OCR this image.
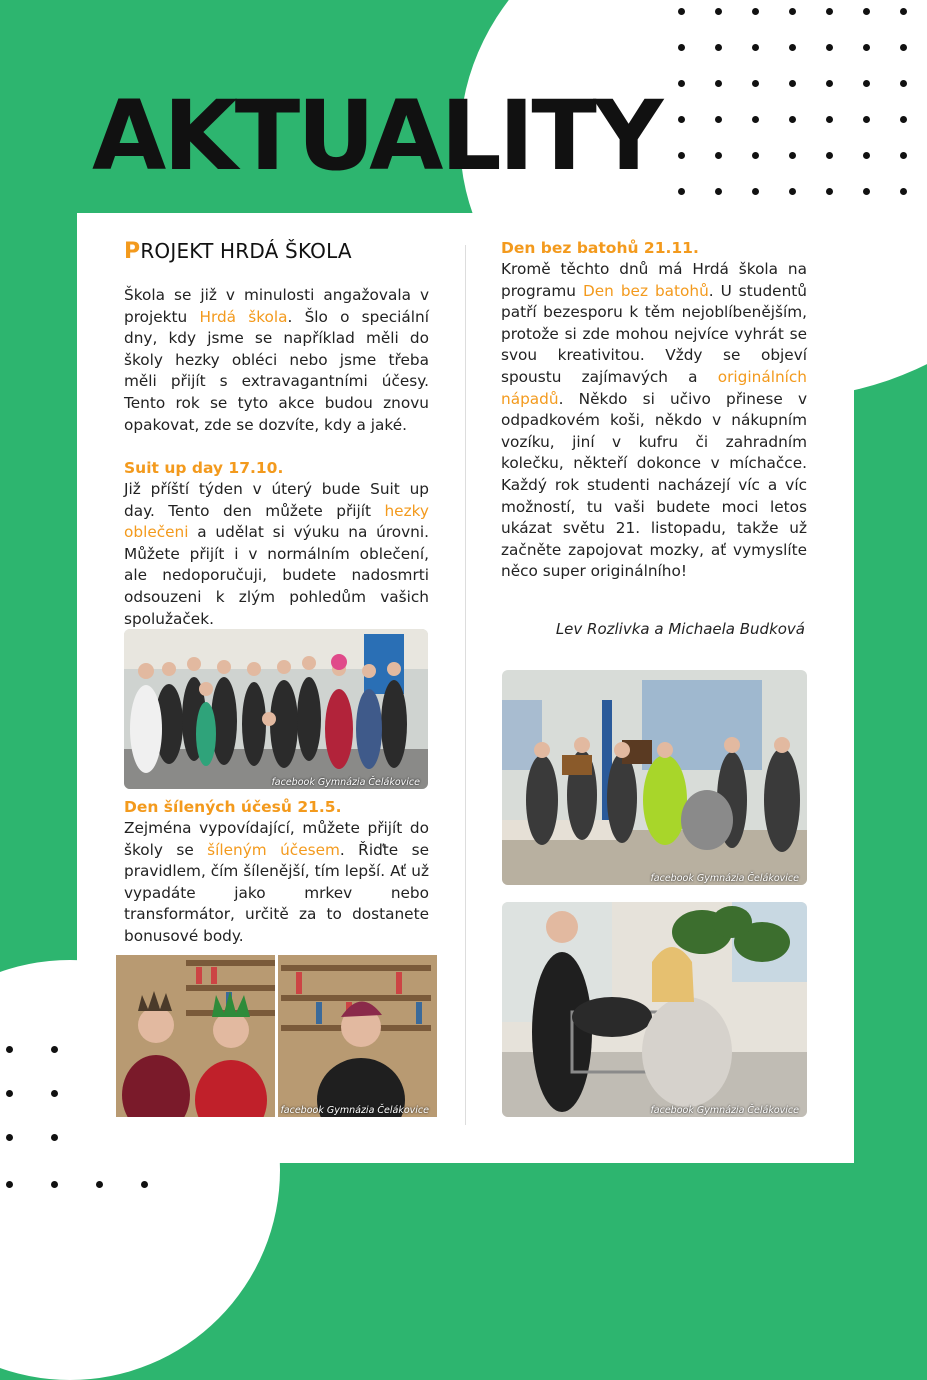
AKTUALITY
PROJEKT HRDÁ ŠKOLA

Škola se již v minulosti angažovala v projektu Hrdá škola. Šlo o speciální dny, kdy jsme se například měli do školy hezky obléci nebo jsme třeba měli přijít s extravagantními účesy. Tento rok se tyto akce budou znovu opakovat, zde se dozvíte, kdy a jaké.

Suit up day 17.10.

Již příští týden v úterý bude Suit up day. Tento den můžete přijít hezky oblečeni a udělat si výuku na úrovni. Můžete přijít i v normálním oblečení, ale nedoporučuji, budete nadosmrti odsouzeni k zlým pohledům vašich spolužaček.

facebook Gymnázia Čelákovice
Den šílených účesů 21.5.

Zejména vypovídající, můžete přijít do školy se šíleným účesem. Řiďte se pravidlem, čím šílenější, tím lepší. Ať už vypadáte jako mrkev nebo transformátor, určitě za to dostanete bonusové body.

facebook Gymnázia Čelákovice
Den bez batohů 21.11.

Kromě těchto dnů má Hrdá škola na programu Den bez batohů. U studentů patří bezesporu k těm nejoblíbenějším, protože si zde mohou nejvíce vyhrát se svou kreativitou. Vždy se objeví spoustu zajímavých a originálních nápadů. Někdo si učivo přinese v odpadkovém koši, někdo v nákupním vozíku, jiní v kufru či zahradním kolečku, někteří dokonce v míchačce. Každý rok studenti nacházejí víc a víc možností, tu vaši budete moci letos ukázat světu 21. listopadu, takže už začněte zapojovat mozky, ať vymyslíte něco super originálního!

Lev Rozlivka a Michaela Budková
facebook Gymnázia Čelákovice
facebook Gymnázia Čelákovice
